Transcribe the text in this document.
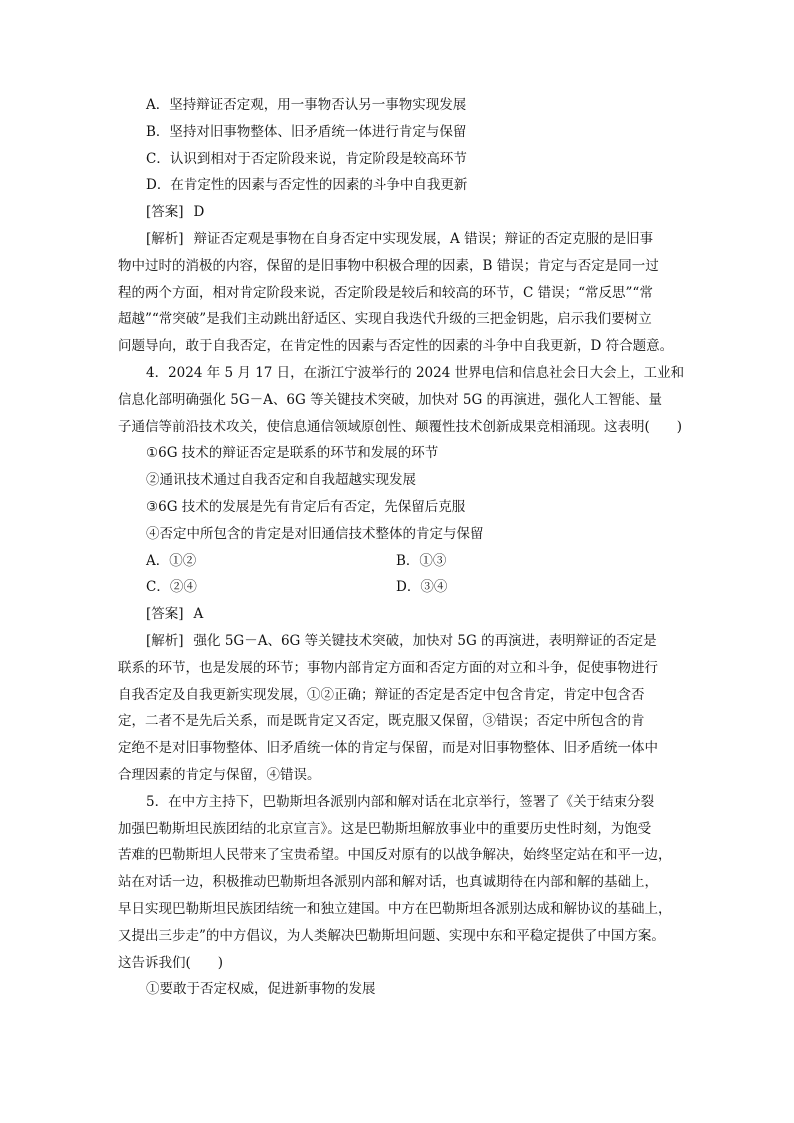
A．坚持辩证否定观，用一事物否认另一事物实现发展
B．坚持对旧事物整体、旧矛盾统一体进行肯定与保留
C．认识到相对于否定阶段来说，肯定阶段是较高环节
D．在肯定性的因素与否定性的因素的斗争中自我更新
[答案] D
[解析] 辩证否定观是事物在自身否定中实现发展，A 错误；辩证的否定克服的是旧事
物中过时的消极的内容，保留的是旧事物中积极合理的因素，B 错误；肯定与否定是同一过
程的两个方面，相对肯定阶段来说，否定阶段是较后和较高的环节，C 错误；“常反思”“常
超越”“常突破”是我们主动跳出舒适区、实现自我迭代升级的三把金钥匙，启示我们要树立
问题导向，敢于自我否定，在肯定性的因素与否定性的因素的斗争中自我更新，D 符合题意。
4．2024 年 5 月 17 日，在浙江宁波举行的 2024 世界电信和信息社会日大会上，工业和
信息化部明确强化 5G－A、6G 等关键技术突破，加快对 5G 的再演进，强化人工智能、量
子通信等前沿技术攻关，使信息通信领域原创性、颠覆性技术创新成果竞相涌现。这表明(　　)
①6G 技术的辩证否定是联系的环节和发展的环节
②通讯技术通过自我否定和自我超越实现发展
③6G 技术的发展是先有肯定后有否定，先保留后克服
④否定中所包含的肯定是对旧通信技术整体的肯定与保留
A．①②	B．①③
C．②④	D．③④
[答案] A
[解析] 强化 5G－A、6G 等关键技术突破，加快对 5G 的再演进，表明辩证的否定是
联系的环节，也是发展的环节；事物内部肯定方面和否定方面的对立和斗争，促使事物进行
自我否定及自我更新实现发展，①②正确；辩证的否定是否定中包含肯定，肯定中包含否
定，二者不是先后关系，而是既肯定又否定，既克服又保留，③错误；否定中所包含的肯
定绝不是对旧事物整体、旧矛盾统一体的肯定与保留，而是对旧事物整体、旧矛盾统一体中
合理因素的肯定与保留，④错误。
5．在中方主持下，巴勒斯坦各派别内部和解对话在北京举行，签署了《关于结束分裂
加强巴勒斯坦民族团结的北京宣言》。这是巴勒斯坦解放事业中的重要历史性时刻，为饱受
苦难的巴勒斯坦人民带来了宝贵希望。中国反对原有的以战争解决，始终坚定站在和平一边，
站在对话一边，积极推动巴勒斯坦各派别内部和解对话，也真诚期待在内部和解的基础上，
早日实现巴勒斯坦民族团结统一和独立建国。中方在巴勒斯坦各派别达成和解协议的基础上，
又提出三步走”的中方倡议，为人类解决巴勒斯坦问题、实现中东和平稳定提供了中国方案。
这告诉我们(　　)
①要敢于否定权威，促进新事物的发展
